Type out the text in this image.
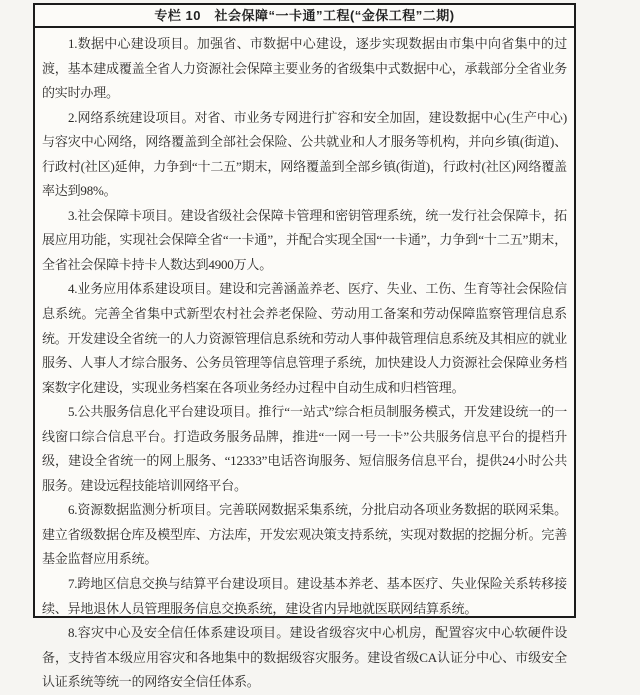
专栏 10　社会保障“一卡通”工程(“金保工程”二期)

1.数据中心建设项目。加强省、市数据中心建设，逐步实现数据由市集中向省集中的过渡，基本建成覆盖全省人力资源社会保障主要业务的省级集中式数据中心，承载部分全省业务的实时办理。

2.网络系统建设项目。对省、市业务专网进行扩容和安全加固，建设数据中心(生产中心)与容灾中心网络，网络覆盖到全部社会保险、公共就业和人才服务等机构，并向乡镇(街道)、行政村(社区)延伸，力争到“十二五”期末，网络覆盖到全部乡镇(街道)，行政村(社区)网络覆盖率达到98%。

3.社会保障卡项目。建设省级社会保障卡管理和密钥管理系统，统一发行社会保障卡，拓展应用功能，实现社会保障全省“一卡通”，并配合实现全国“一卡通”，力争到“十二五”期末，全省社会保障卡持卡人数达到4900万人。

4.业务应用体系建设项目。建设和完善涵盖养老、医疗、失业、工伤、生育等社会保险信息系统。完善全省集中式新型农村社会养老保险、劳动用工备案和劳动保障监察管理信息系统。开发建设全省统一的人力资源管理信息系统和劳动人事仲裁管理信息系统及其相应的就业服务、人事人才综合服务、公务员管理等信息管理子系统，加快建设人力资源社会保障业务档案数字化建设，实现业务档案在各项业务经办过程中自动生成和归档管理。

5.公共服务信息化平台建设项目。推行“一站式”综合柜员制服务模式，开发建设统一的一线窗口综合信息平台。打造政务服务品牌，推进“一网一号一卡”公共服务信息平台的提档升级，建设全省统一的网上服务、“12333”电话咨询服务、短信服务信息平台，提供24小时公共服务。建设远程技能培训网络平台。

6.资源数据监测分析项目。完善联网数据采集系统，分批启动各项业务数据的联网采集。建立省级数据仓库及模型库、方法库，开发宏观决策支持系统，实现对数据的挖掘分析。完善基金监督应用系统。

7.跨地区信息交换与结算平台建设项目。建设基本养老、基本医疗、失业保险关系转移接续、异地退休人员管理服务信息交换系统，建设省内异地就医联网结算系统。

8.容灾中心及安全信任体系建设项目。建设省级容灾中心机房，配置容灾中心软硬件设备，支持省本级应用容灾和各地集中的数据级容灾服务。建设省级CA认证分中心、市级安全认证系统等统一的网络安全信任体系。
